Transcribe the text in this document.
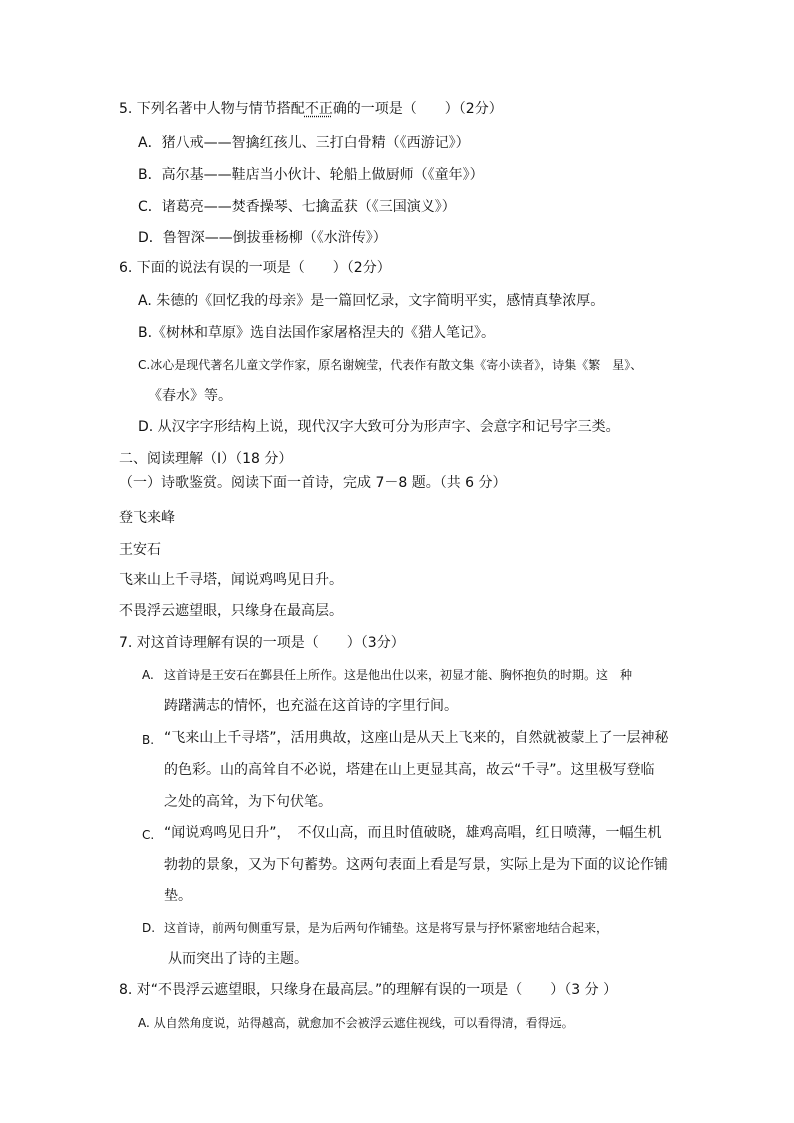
5. 下列名著中人物与情节搭配不正确的一项是（　　）（2分）
A．猪八戒——智擒红孩儿、三打白骨精（《西游记》）
B．高尔基——鞋店当小伙计、轮船上做厨师（《童年》）
C．诸葛亮——焚香操琴、七擒孟获（《三国演义》）
D．鲁智深——倒拔垂杨柳（《水浒传》）
6. 下面的说法有误的一项是（　　）（2分）
A. 朱德的《回忆我的母亲》是一篇回忆录，文字简明平实，感情真挚浓厚。
B.《树林和草原》选自法国作家屠格涅夫的《猎人笔记》。
C.冰心是现代著名儿童文学作家，原名谢婉莹，代表作有散文集《寄小读者》，诗集《繁　星》、
《春水》等。
D. 从汉字字形结构上说，现代汉字大致可分为形声字、会意字和记号字三类。
二、阅读理解（I）（18 分）
（一）诗歌鉴赏。阅读下面一首诗，完成 7－8 题。（共 6 分）
登飞来峰
王安石
飞来山上千寻塔，闻说鸡鸣见日升。
不畏浮云遮望眼，只缘身在最高层。
7. 对这首诗理解有误的一项是（　　）（3分）
A. 这首诗是王安石在鄞县任上所作。这是他出仕以来，初显才能、胸怀抱负的时期。这　种
踌躇满志的情怀，也充溢在这首诗的字里行间。
B. “飞来山上千寻塔”，活用典故，这座山是从天上飞来的，自然就被蒙上了一层神秘
的色彩。山的高耸自不必说，塔建在山上更显其高，故云“千寻”。这里极写登临
之处的高耸，为下句伏笔。
C. “闻说鸡鸣见日升”，　不仅山高，而且时值破晓，雄鸡高唱，红日喷薄，一幅生机
勃勃的景象，又为下句蓄势。这两句表面上看是写景，实际上是为下面的议论作铺
垫。
D. 这首诗，前两句侧重写景，是为后两句作铺垫。这是将写景与抒怀紧密地结合起来，
从而突出了诗的主题。
8. 对“不畏浮云遮望眼，只缘身在最高层。”的理解有误的一项是（　　）（3 分 ）
A. 从自然角度说，站得越高，就愈加不会被浮云遮住视线，可以看得清，看得远。
